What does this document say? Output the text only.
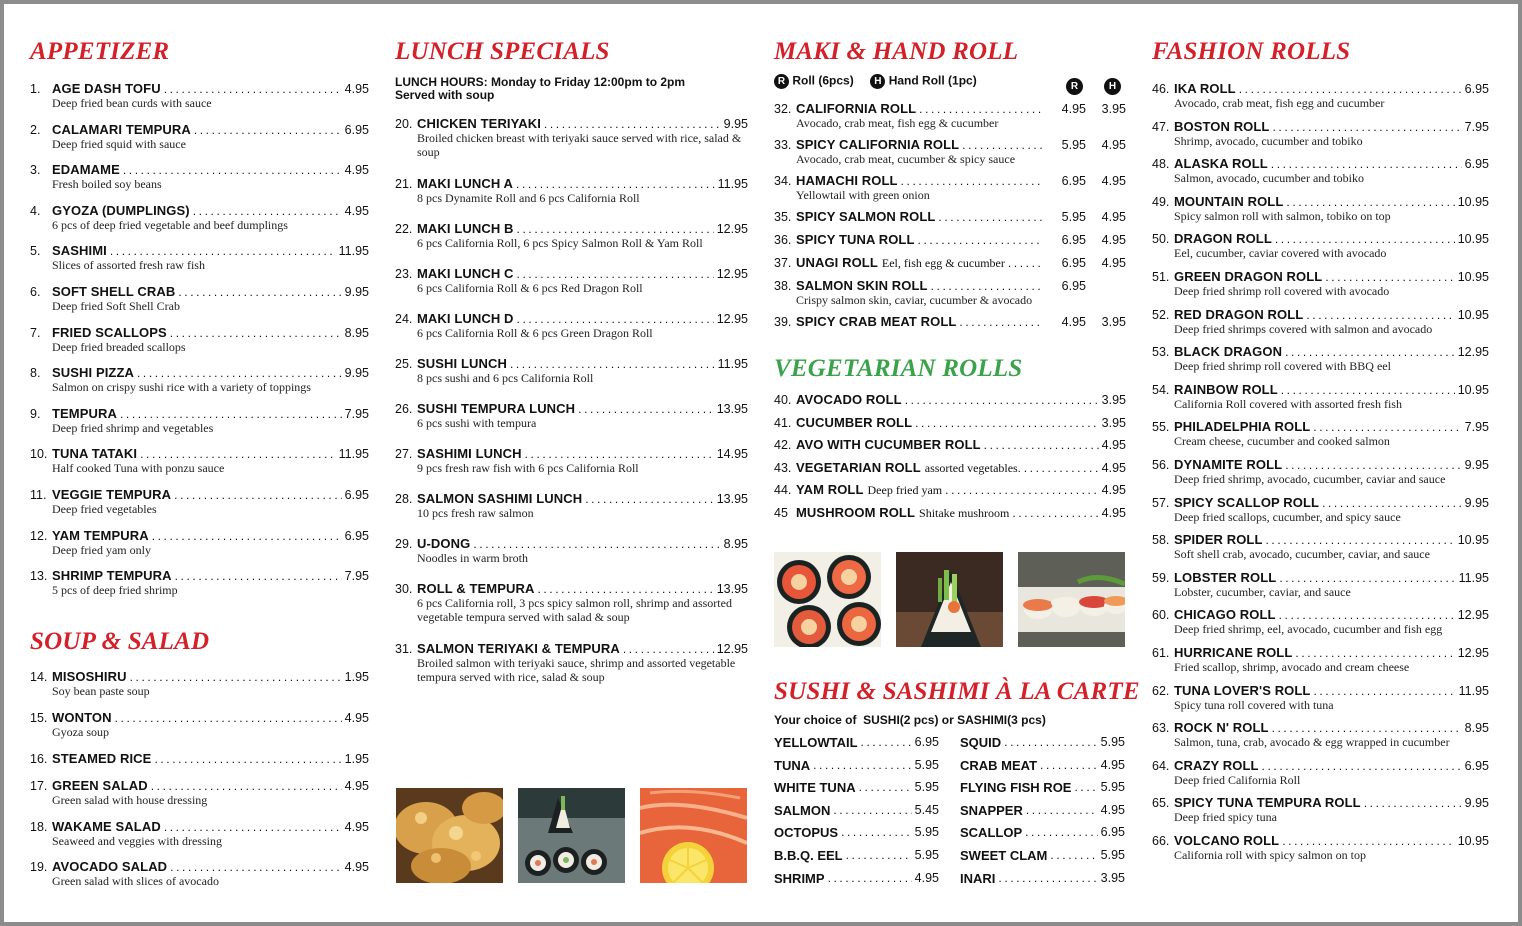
APPETIZER
1. AGE DASH TOFU .....	4.95
Deep fried bean curds with sauce
2. CALAMARI TEMPURA .....	6.95
Deep fried squid with sauce
3. EDAMAME .....	4.95
Fresh boiled soy beans
4. GYOZA (DUMPLINGS) .....	4.95
6 pcs of deep fried vegetable and beef dumplings
5. SASHIMI .....	11.95
Slices of assorted fresh raw fish
6. SOFT SHELL CRAB .....	9.95
Deep fried Soft Shell Crab
7. FRIED SCALLOPS .....	8.95
Deep fried breaded scallops
8. SUSHI PIZZA .....	9.95
Salmon on crispy sushi rice with a variety of toppings
9. TEMPURA .....	7.95
Deep fried shrimp and vegetables
10. TUNA TATAKI .....	11.95
Half cooked Tuna with ponzu sauce
11. VEGGIE TEMPURA .....	6.95
Deep fried vegetables
12. YAM TEMPURA .....	6.95
Deep fried yam only
13. SHRIMP TEMPURA .....	7.95
5 pcs of deep fried shrimp
SOUP & SALAD
14. MISOSHIRU .....	1.95
Soy bean paste soup
15. WONTON .....	4.95
Gyoza soup
16. STEAMED RICE .....	1.95
17. GREEN SALAD .....	4.95
Green salad with house dressing
18. WAKAME SALAD .....	4.95
Seaweed and veggies with dressing
19. AVOCADO SALAD .....	4.95
Green salad with slices of avocado
LUNCH SPECIALS
LUNCH HOURS: Monday to Friday 12:00pm to 2pm
Served with soup
20. CHICKEN TERIYAKI .....	9.95
Broiled chicken breast with teriyaki sauce served with rice, salad & soup
21. MAKI LUNCH A .....	11.95
8 pcs Dynamite Roll and 6 pcs California Roll
22. MAKI LUNCH B .....	12.95
6 pcs California Roll, 6 pcs Spicy Salmon Roll & Yam Roll
23. MAKI LUNCH C .....	12.95
6 pcs California Roll & 6 pcs Red Dragon Roll
24. MAKI LUNCH D .....	12.95
6 pcs California Roll & 6 pcs Green Dragon Roll
25. SUSHI LUNCH .....	11.95
8 pcs sushi and 6 pcs California Roll
26. SUSHI TEMPURA LUNCH .....	13.95
6 pcs sushi with tempura
27. SASHIMI LUNCH .....	14.95
9 pcs fresh raw fish with 6 pcs California Roll
28. SALMON SASHIMI LUNCH .....	13.95
10 pcs fresh raw salmon
29. U-DONG .....	8.95
Noodles in warm broth
30. ROLL & TEMPURA .....	13.95
6 pcs California roll, 3 pcs spicy salmon roll, shrimp and assorted vegetable tempura served with salad & soup
31. SALMON TERIYAKI & TEMPURA .....	12.95
Broiled salmon with teriyaki sauce, shrimp and assorted vegetable tempura served with rice, salad & soup
MAKI & HAND ROLL
R Roll (6pcs) H Hand Roll (1pc)	R	H
32. CALIFORNIA ROLL .....	4.95	3.95
Avocado, crab meat, fish egg & cucumber
33. SPICY CALIFORNIA ROLL .....	5.95	4.95
Avocado, crab meat, cucumber & spicy sauce
34. HAMACHI ROLL .....	6.95	4.95
Yellowtail with green onion
35. SPICY SALMON ROLL .....	5.95	4.95
36. SPICY TUNA ROLL .....	6.95	4.95
37. UNAGI ROLL Eel, fish egg & cucumber .....	6.95	4.95
38. SALMON SKIN ROLL .....	6.95
Crispy salmon skin, caviar, cucumber & avocado
39. SPICY CRAB MEAT ROLL .....	4.95	3.95
VEGETARIAN ROLLS
40. AVOCADO ROLL .....	3.95
41. CUCUMBER ROLL .....	3.95
42. AVO WITH CUCUMBER ROLL .....	4.95
43. VEGETARIAN ROLL assorted vegetables. .....	4.95
44. YAM ROLL Deep fried yam .....	4.95
45 MUSHROOM ROLL Shitake mushroom .....	4.95
SUSHI & SASHIMI À LA CARTE
Your choice of  SUSHI(2 pcs) or SASHIMI(3 pcs)
YELLOWTAIL .....	6.95
TUNA .....	5.95
WHITE TUNA .....	5.95
SALMON .....	5.45
OCTOPUS .....	5.95
B.B.Q. EEL .....	5.95
SHRIMP .....	4.95
SQUID .....	5.95
CRAB MEAT .....	4.95
FLYING FISH ROE ..... 5.95
SNAPPER .....	4.95
SCALLOP .....	6.95
SWEET CLAM .....	5.95
INARI .....	3.95
FASHION ROLLS
46. IKA ROLL .....	6.95
Avocado, crab meat, fish egg and cucumber
47. BOSTON ROLL .....	7.95
Shrimp, avocado, cucumber and tobiko
48. ALASKA ROLL .....	6.95
Salmon, avocado, cucumber and tobiko
49. MOUNTAIN ROLL .....	10.95
Spicy salmon roll with salmon, tobiko on top
50. DRAGON ROLL .....	10.95
Eel, cucumber, caviar covered with avocado
51. GREEN DRAGON ROLL .....	10.95
Deep fried shrimp roll covered with avocado
52. RED DRAGON ROLL .....	10.95
Deep fried shrimps covered with salmon and avocado
53. BLACK DRAGON .....	12.95
Deep fried shrimp roll covered with BBQ eel
54. RAINBOW ROLL .....	10.95
California Roll covered with assorted fresh fish
55. PHILADELPHIA ROLL .....	7.95
Cream cheese, cucumber and cooked salmon
56. DYNAMITE ROLL .....	9.95
Deep fried shrimp, avocado, cucumber, caviar and sauce
57. SPICY SCALLOP ROLL .....	9.95
Deep fried scallops, cucumber, and spicy sauce
58. SPIDER ROLL .....	10.95
Soft shell crab, avocado, cucumber, caviar, and sauce
59. LOBSTER ROLL .....	11.95
Lobster, cucumber, caviar, and sauce
60. CHICAGO ROLL .....	12.95
Deep fried shrimp, eel, avocado, cucumber and fish egg
61. HURRICANE ROLL .....	12.95
Fried scallop, shrimp, avocado and cream cheese
62. TUNA LOVER'S ROLL .....	11.95
Spicy tuna roll covered with tuna
63. ROCK N' ROLL .....	8.95
Salmon, tuna, crab, avocado & egg wrapped in cucumber
64. CRAZY ROLL .....	6.95
Deep fried California Roll
65. SPICY TUNA TEMPURA ROLL .....	9.95
Deep fried spicy tuna
66. VOLCANO ROLL .....	10.95
California roll with spicy salmon on top
